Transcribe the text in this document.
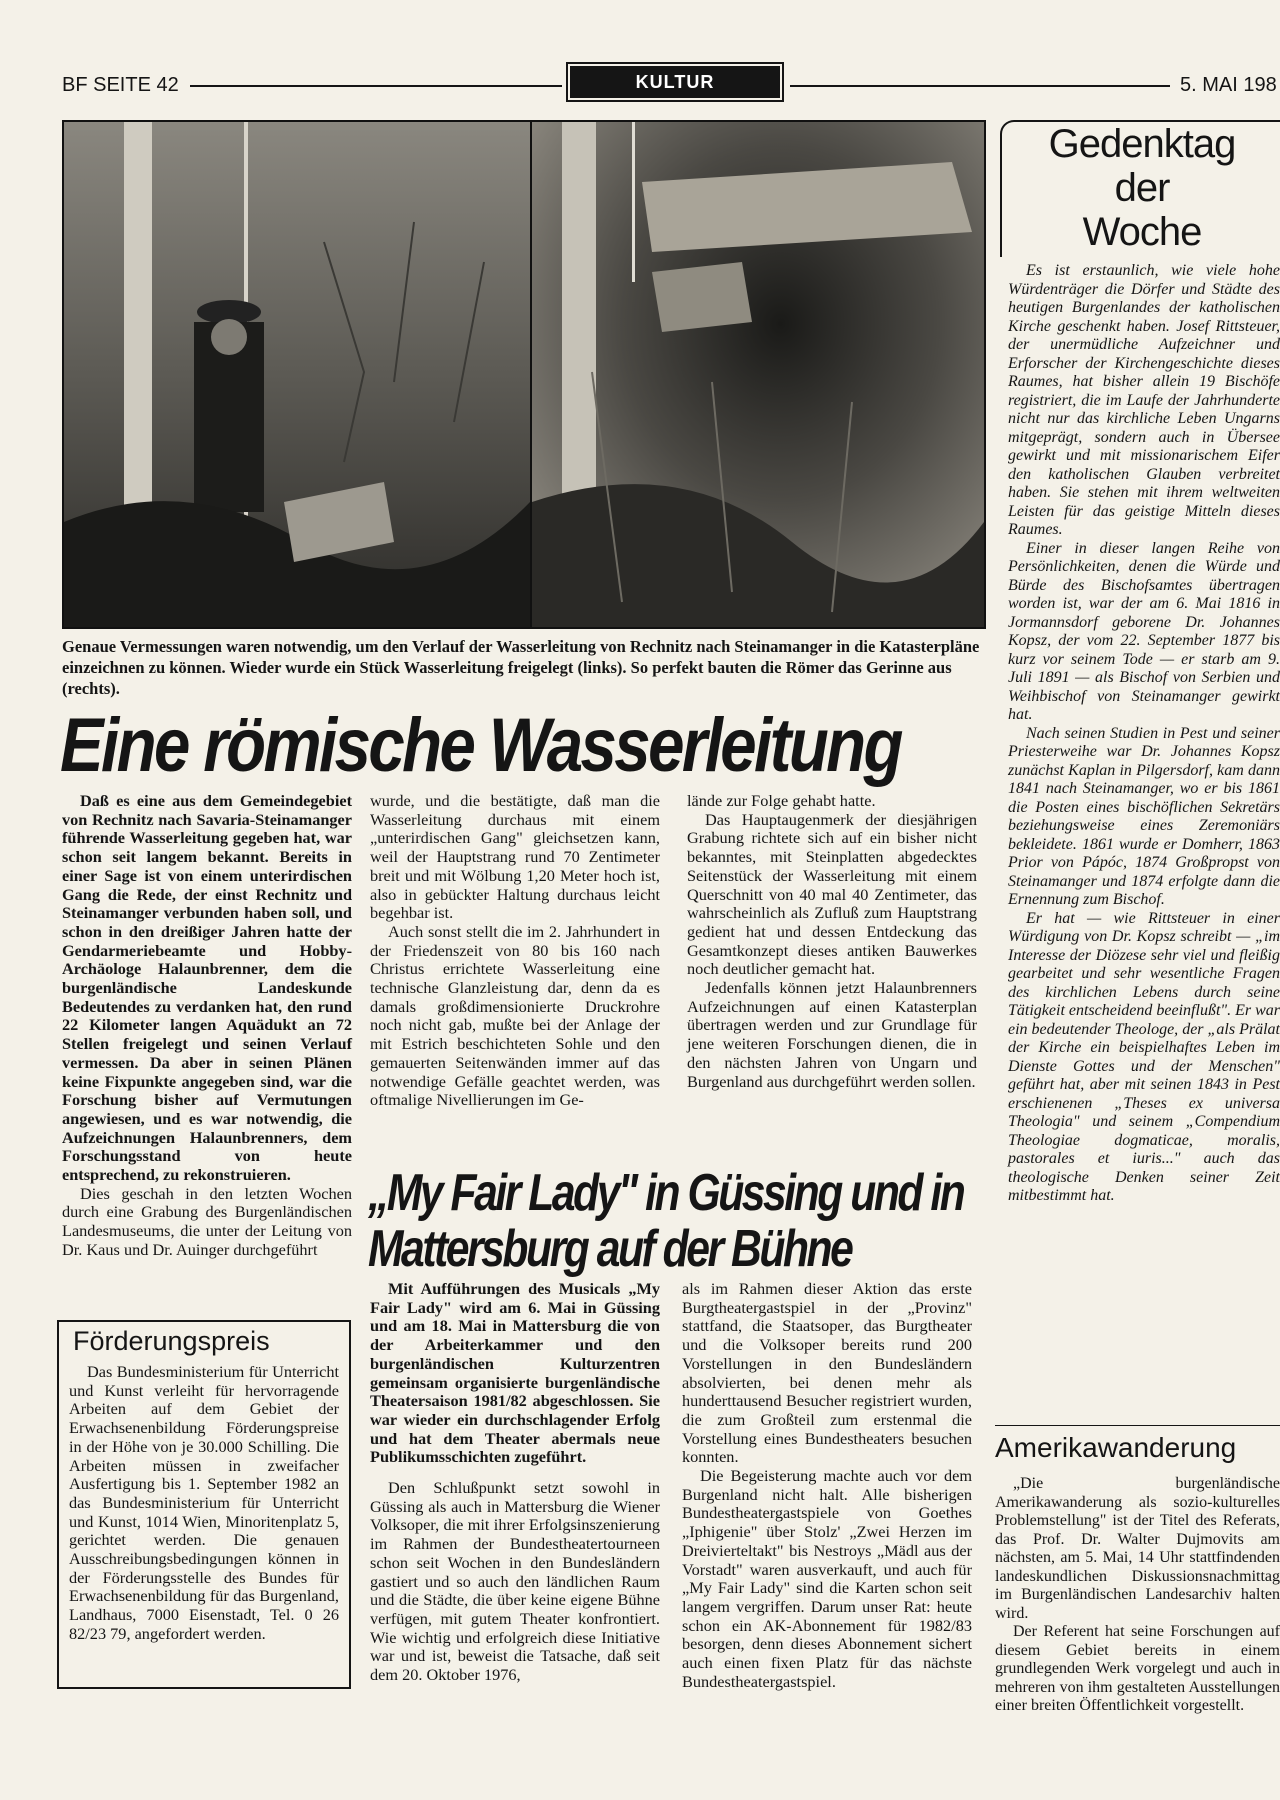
BF SEITE 42	KULTUR	5. MAI 198
Genaue Vermessungen waren notwendig, um den Verlauf der Wasserleitung von Rechnitz nach Steinamanger in die Katasterpläne einzeichnen zu können. Wieder wurde ein Stück Wasserleitung freigelegt (links). So perfekt bauten die Römer das Gerinne aus (rechts).
Eine römische Wasserleitung

Daß es eine aus dem Gemeindegebiet von Rechnitz nach Savaria-Steinamanger führende Wasserleitung gegeben hat, war schon seit langem bekannt. Bereits in einer Sage ist von einem unterirdischen Gang die Rede, der einst Rechnitz und Steinamanger verbunden haben soll, und schon in den dreißiger Jahren hatte der Gendarmeriebeamte und Hobby-Archäologe Halaunbrenner, dem die burgenländische Landeskunde Bedeutendes zu verdanken hat, den rund 22 Kilometer langen Aquädukt an 72 Stellen freigelegt und seinen Verlauf vermessen. Da aber in seinen Plänen keine Fixpunkte angegeben sind, war die Forschung bisher auf Vermutungen angewiesen, und es war notwendig, die Aufzeichnungen Halaunbrenners, dem Forschungsstand von heute entsprechend, zu rekonstruieren.

Dies geschah in den letzten Wochen durch eine Grabung des Burgenländischen Landesmuseums, die unter der Leitung von Dr. Kaus und Dr. Auinger durchgeführt

wurde, und die bestätigte, daß man die Wasserleitung durchaus mit einem „unterirdischen Gang" gleichsetzen kann, weil der Hauptstrang rund 70 Zentimeter breit und mit Wölbung 1,20 Meter hoch ist, also in gebückter Haltung durchaus leicht begehbar ist.

Auch sonst stellt die im 2. Jahrhundert in der Friedenszeit von 80 bis 160 nach Christus errichtete Wasserleitung eine technische Glanzleistung dar, denn da es damals großdimensionierte Druckrohre noch nicht gab, mußte bei der Anlage der mit Estrich beschichteten Sohle und den gemauerten Seitenwänden immer auf das notwendige Gefälle geachtet werden, was oftmalige Nivellierungen im Ge-

lände zur Folge gehabt hatte.

Das Hauptaugenmerk der diesjährigen Grabung richtete sich auf ein bisher nicht bekanntes, mit Steinplatten abgedecktes Seitenstück der Wasserleitung mit einem Querschnitt von 40 mal 40 Zentimeter, das wahrscheinlich als Zufluß zum Hauptstrang gedient hat und dessen Entdeckung das Gesamtkonzept dieses antiken Bauwerkes noch deutlicher gemacht hat.

Jedenfalls können jetzt Halaunbrenners Aufzeichnungen auf einen Katasterplan übertragen werden und zur Grundlage für jene weiteren Forschungen dienen, die in den nächsten Jahren von Ungarn und Burgenland aus durchgeführt werden sollen.

Förderungspreis

Das Bundesministerium für Unterricht und Kunst verleiht für hervorragende Arbeiten auf dem Gebiet der Erwachsenenbildung Förderungspreise in der Höhe von je 30.000 Schilling. Die Arbeiten müssen in zweifacher Ausfertigung bis 1. September 1982 an das Bundesministerium für Unterricht und Kunst, 1014 Wien, Minoritenplatz 5, gerichtet werden. Die genauen Ausschreibungsbedingungen können in der Förderungsstelle des Bundes für Erwachsenenbildung für das Burgenland, Landhaus, 7000 Eisenstadt, Tel. 0 26 82/23 79, angefordert werden.

„My Fair Lady" in Güssing und in Mattersburg auf der Bühne

Mit Aufführungen des Musicals „My Fair Lady" wird am 6. Mai in Güssing und am 18. Mai in Mattersburg die von der Arbeiterkammer und den burgenländischen Kulturzentren gemeinsam organisierte burgenländische Theatersaison 1981/82 abgeschlossen. Sie war wieder ein durchschlagender Erfolg und hat dem Theater abermals neue Publikumsschichten zugeführt.

Den Schlußpunkt setzt sowohl in Güssing als auch in Mattersburg die Wiener Volksoper, die mit ihrer Erfolgsinszenierung im Rahmen der Bundestheatertourneen schon seit Wochen in den Bundesländern gastiert und so auch den ländlichen Raum und die Städte, die über keine eigene Bühne verfügen, mit gutem Theater konfrontiert. Wie wichtig und erfolgreich diese Initiative war und ist, beweist die Tatsache, daß seit dem 20. Oktober 1976,

als im Rahmen dieser Aktion das erste Burgtheatergastspiel in der „Provinz" stattfand, die Staatsoper, das Burgtheater und die Volksoper bereits rund 200 Vorstellungen in den Bundesländern absolvierten, bei denen mehr als hunderttausend Besucher registriert wurden, die zum Großteil zum erstenmal die Vorstellung eines Bundestheaters besuchen konnten.

Die Begeisterung machte auch vor dem Burgenland nicht halt. Alle bisherigen Bundestheatergastspiele von Goethes „Iphigenie" über Stolz' „Zwei Herzen im Dreivierteltakt" bis Nestroys „Mädl aus der Vorstadt" waren ausverkauft, und auch für „My Fair Lady" sind die Karten schon seit langem vergriffen. Darum unser Rat: heute schon ein AK-Abonnement für 1982/83 besorgen, denn dieses Abonnement sichert auch einen fixen Platz für das nächste Bundestheatergastspiel.

Gedenktag
der
Woche

Es ist erstaunlich, wie viele hohe Würdenträger die Dörfer und Städte des heutigen Burgenlandes der katholischen Kirche geschenkt haben. Josef Rittsteuer, der unermüdliche Aufzeichner und Erforscher der Kirchengeschichte dieses Raumes, hat bisher allein 19 Bischöfe registriert, die im Laufe der Jahrhunderte nicht nur das kirchliche Leben Ungarns mitgeprägt, sondern auch in Übersee gewirkt und mit missionarischem Eifer den katholischen Glauben verbreitet haben. Sie stehen mit ihrem weltweiten Leisten für das geistige Mitteln dieses Raumes.

Einer in dieser langen Reihe von Persönlichkeiten, denen die Würde und Bürde des Bischofsamtes übertragen worden ist, war der am 6. Mai 1816 in Jormannsdorf geborene Dr. Johannes Kopsz, der vom 22. September 1877 bis kurz vor seinem Tode — er starb am 9. Juli 1891 — als Bischof von Serbien und Weihbischof von Steinamanger gewirkt hat.

Nach seinen Studien in Pest und seiner Priesterweihe war Dr. Johannes Kopsz zunächst Kaplan in Pilgersdorf, kam dann 1841 nach Steinamanger, wo er bis 1861 die Posten eines bischöflichen Sekretärs beziehungsweise eines Zeremoniärs bekleidete. 1861 wurde er Domherr, 1863 Prior von Pápóc, 1874 Großpropst von Steinamanger und 1874 erfolgte dann die Ernennung zum Bischof.

Er hat — wie Rittsteuer in einer Würdigung von Dr. Kopsz schreibt — „im Interesse der Diözese sehr viel und fleißig gearbeitet und sehr wesentliche Fragen des kirchlichen Lebens durch seine Tätigkeit entscheidend beeinflußt". Er war ein bedeutender Theologe, der „als Prälat der Kirche ein beispielhaftes Leben im Dienste Gottes und der Menschen" geführt hat, aber mit seinen 1843 in Pest erschienenen „Theses ex universa Theologia" und seinem „Compendium Theologiae dogmaticae, moralis, pastorales et iuris..." auch das theologische Denken seiner Zeit mitbestimmt hat.

Amerikawanderung

„Die burgenländische Amerikawanderung als sozio-kulturelles Problemstellung" ist der Titel des Referats, das Prof. Dr. Walter Dujmovits am nächsten, am 5. Mai, 14 Uhr stattfindenden landeskundlichen Diskussionsnachmittag im Burgenländischen Landesarchiv halten wird.

Der Referent hat seine Forschungen auf diesem Gebiet bereits in einem grundlegenden Werk vorgelegt und auch in mehreren von ihm gestalteten Ausstellungen einer breiten Öffentlichkeit vorgestellt.
